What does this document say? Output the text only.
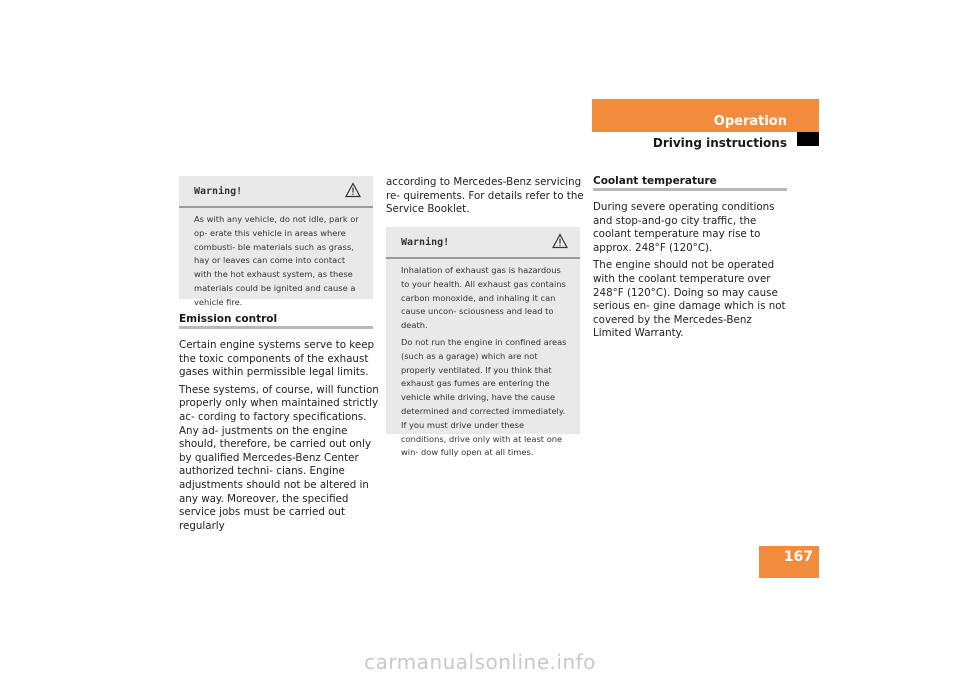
Operation
Driving instructions
Warning!

As with any vehicle, do not idle, park or op- erate this vehicle in areas where combusti- ble materials such as grass, hay or leaves can come into contact with the hot exhaust system, as these materials could be ignited and cause a vehicle fire.

Emission control

Certain engine systems serve to keep the toxic components of the exhaust gases within permissible legal limits.

These systems, of course, will function properly only when maintained strictly ac- cording to factory specifications. Any ad- justments on the engine should, therefore, be carried out only by qualified Mercedes-Benz Center authorized techni- cians. Engine adjustments should not be altered in any way. Moreover, the specified service jobs must be carried out regularly

according to Mercedes-Benz servicing re- quirements. For details refer to the Service Booklet.
Warning!

Inhalation of exhaust gas is hazardous to your health. All exhaust gas contains carbon monoxide, and inhaling it can cause uncon- sciousness and lead to death.

Do not run the engine in confined areas (such as a garage) which are not properly ventilated. If you think that exhaust gas fumes are entering the vehicle while driving, have the cause determined and corrected immediately. If you must drive under these conditions, drive only with at least one win- dow fully open at all times.

Coolant temperature

During severe operating conditions and stop-and-go city traffic, the coolant temperature may rise to approx. 248°F (120°C).

The engine should not be operated with the coolant temperature over 248°F (120°C). Doing so may cause serious en- gine damage which is not covered by the Mercedes-Benz Limited Warranty.

167
carmanualsonline.info
